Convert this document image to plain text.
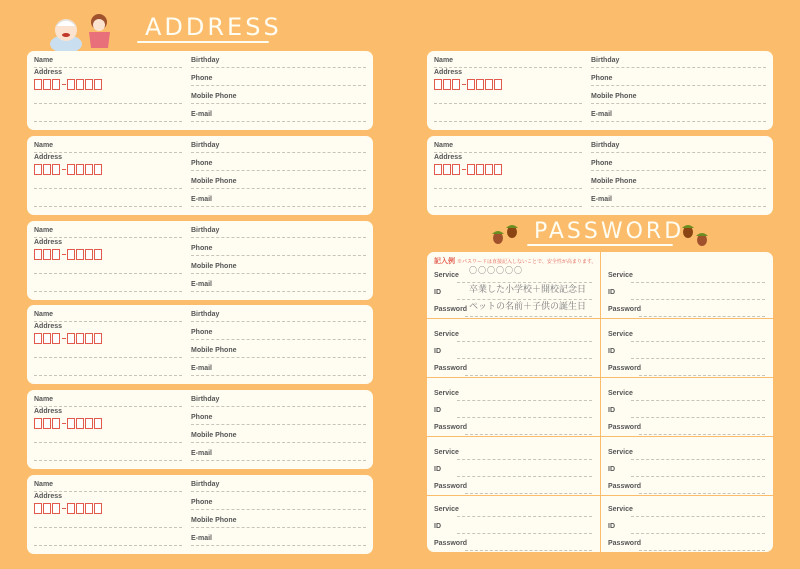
ADDRESS
PASSWORD
Service
ID
Password
記入例 ※パスワードは直接記入しないことで、安全性が高まります。
〇〇〇〇〇〇
卒業した小学校＋開校記念日
ペットの名前＋子供の誕生日
Service
ID
Password
Service
ID
Password
Service
ID
Password
Service
ID
Password
Service
ID
Password
Service
ID
Password
Service
ID
Password
Service
ID
Password
Service
ID
Password
Name
Address
Birthday
Phone
Mobile Phone
E-mail
Name
Address
Birthday
Phone
Mobile Phone
E-mail
Name
Address
Birthday
Phone
Mobile Phone
E-mail
Name
Address
Birthday
Phone
Mobile Phone
E-mail
Name
Address
Birthday
Phone
Mobile Phone
E-mail
Name
Address
Birthday
Phone
Mobile Phone
E-mail
Name
Address
Birthday
Phone
Mobile Phone
E-mail
Name
Address
Birthday
Phone
Mobile Phone
E-mail
